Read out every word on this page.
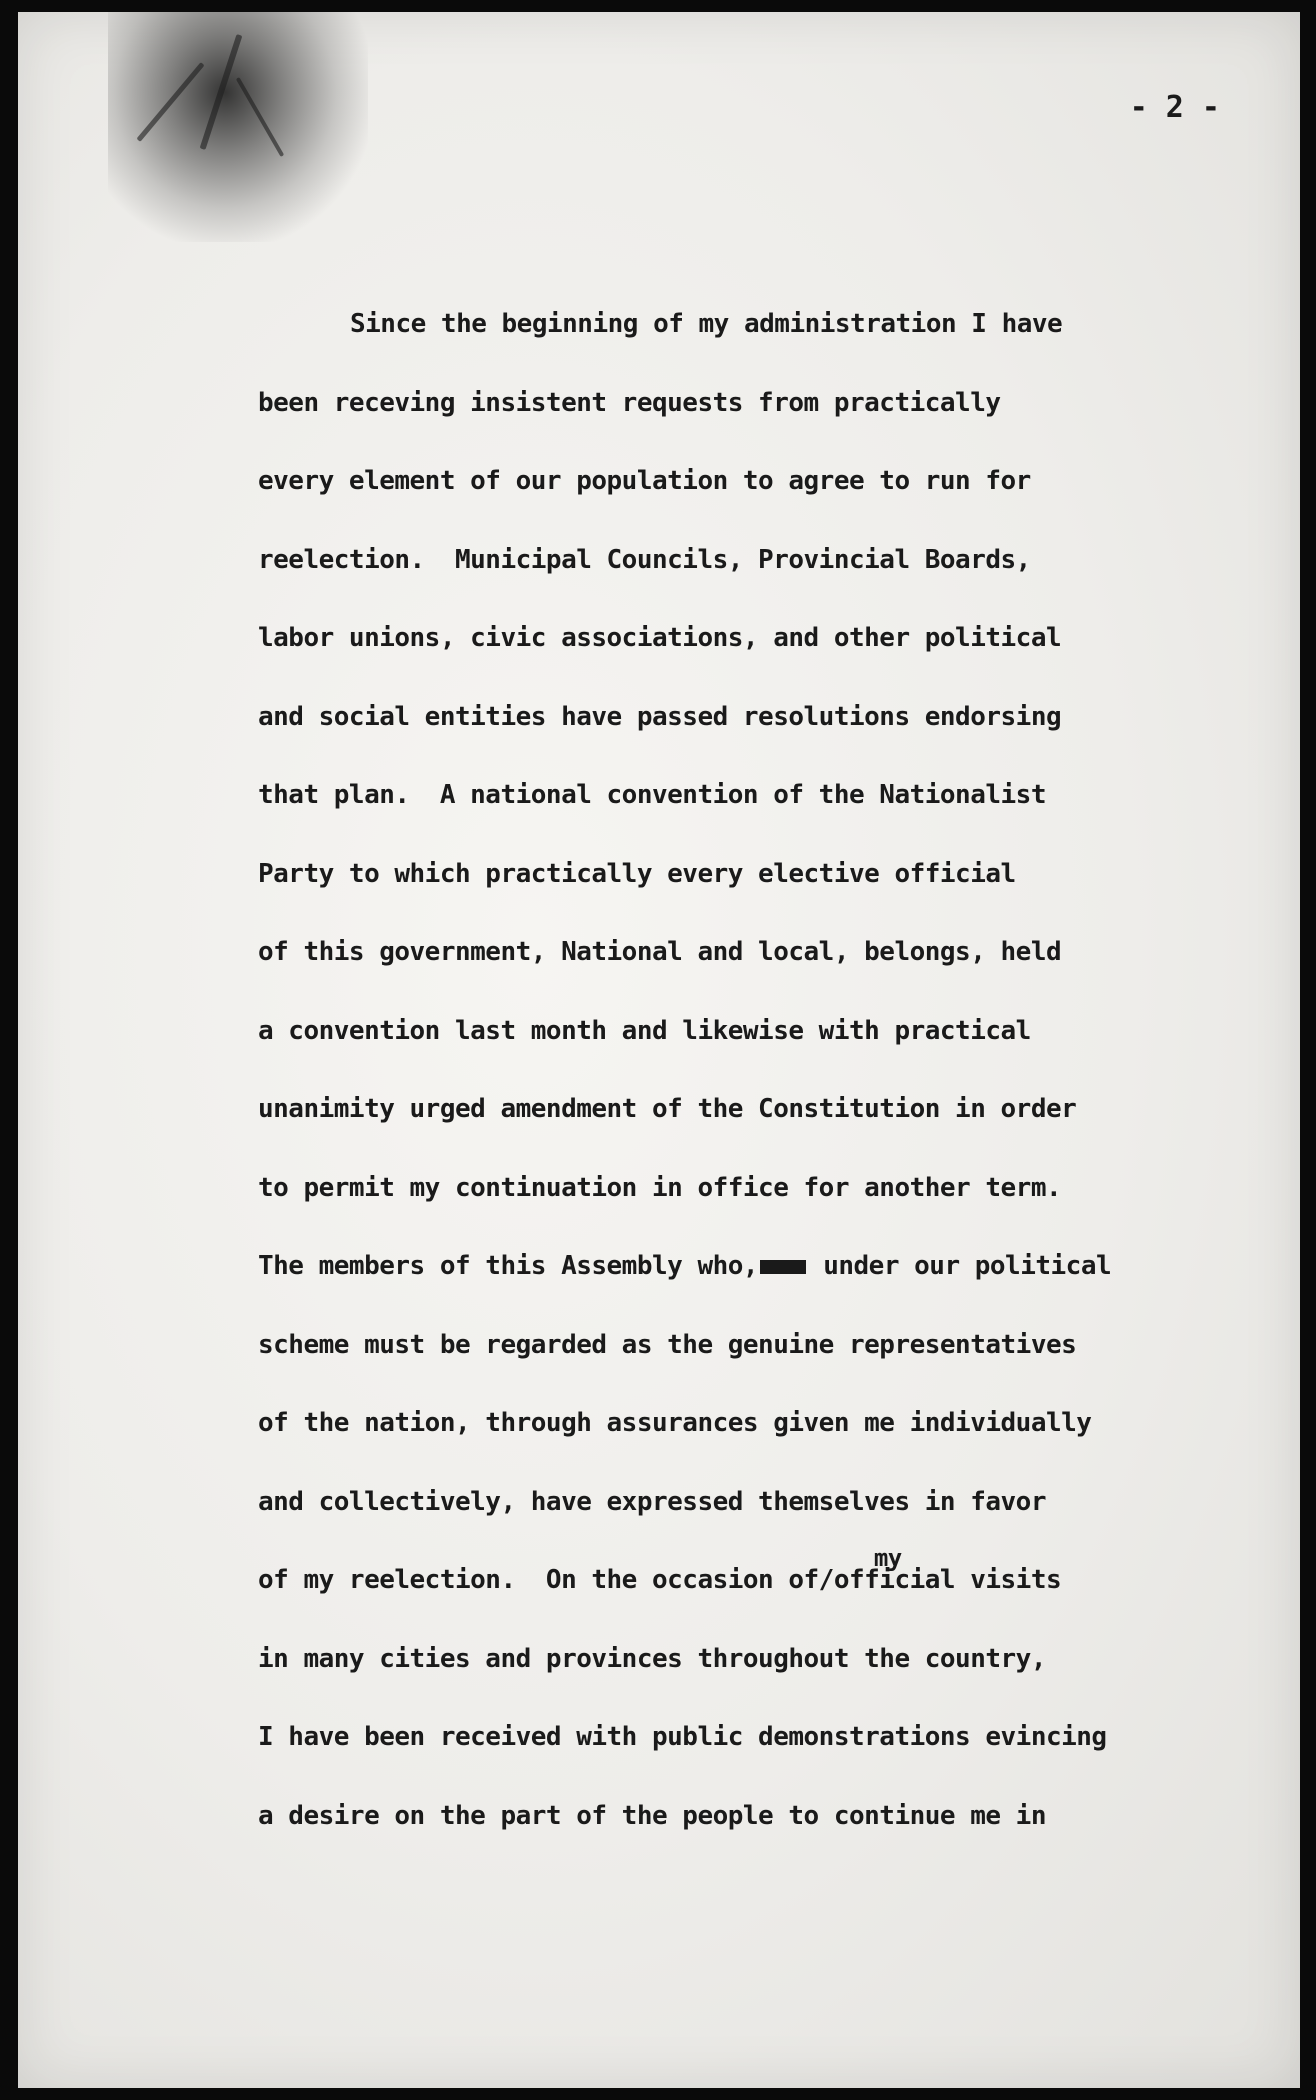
- 2 -
Since the beginning of my administration I have
been receving insistent requests from practically
every element of our population to agree to run for
reelection.  Municipal Councils, Provincial Boards,
labor unions, civic associations, and other political
and social entities have passed resolutions endorsing
that plan.  A national convention of the Nationalist
Party to which practically every elective official
of this government, National and local, belongs, held
a convention last month and likewise with practical
unanimity urged amendment of the Constitution in order
to permit my continuation in office for another term.
The members of this Assembly who, under our political
scheme must be regarded as the genuine representatives
of the nation, through assurances given me individually
and collectively, have expressed themselves in favor
of my reelection.  On the occasion of/
my
official visits
in many cities and provinces throughout the country,
I have been received with public demonstrations evincing
a desire on the part of the people to continue me in
